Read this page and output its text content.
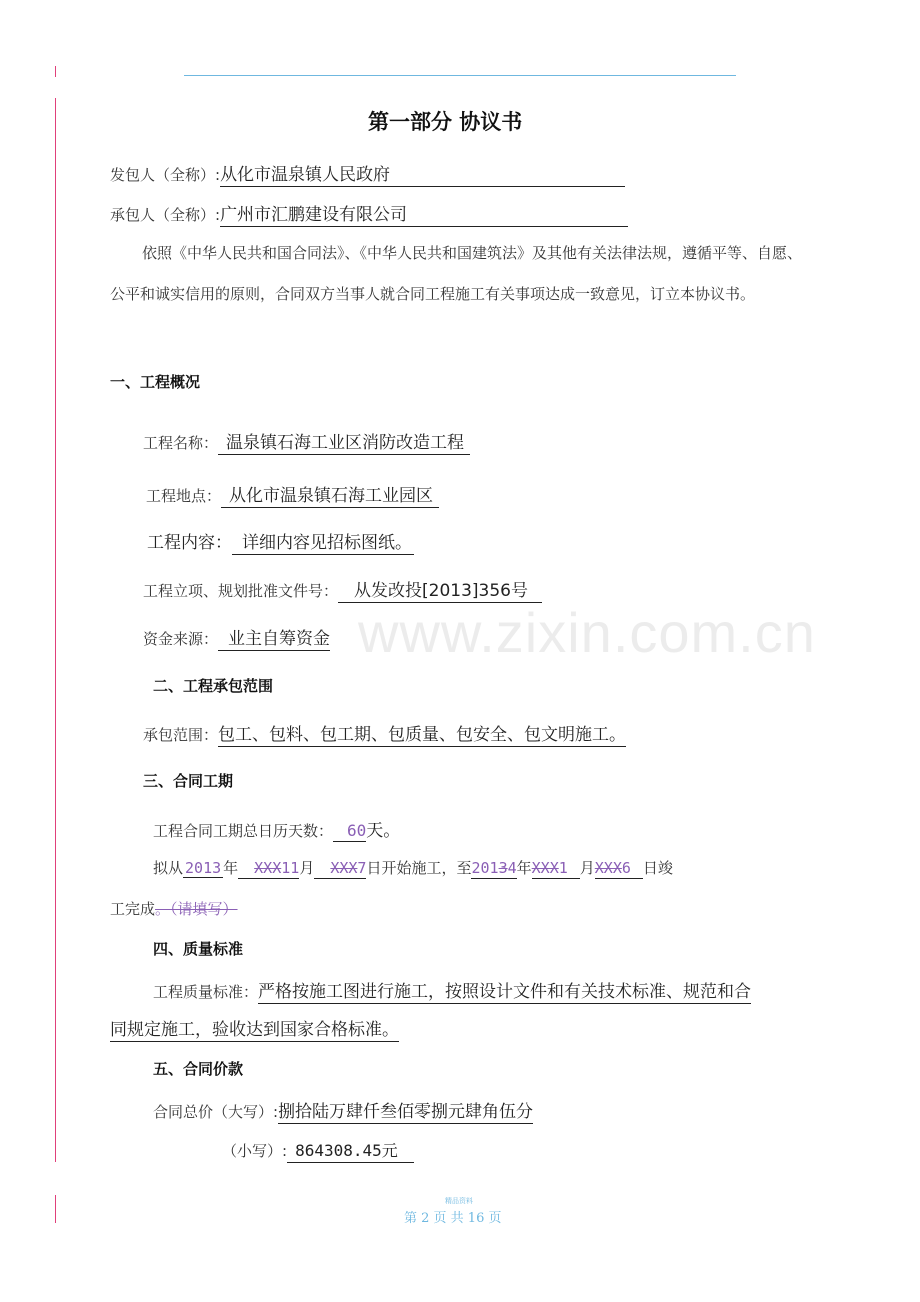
第一部分 协议书
发包人（全称）:从化市温泉镇人民政府
承包人（全称）:广州市汇鹏建设有限公司
依照《中华人民共和国合同法》、《中华人民共和国建筑法》及其他有关法律法规，遵循平等、自愿、公平和诚实信用的原则，合同双方当事人就合同工程施工有关事项达成一致意见，订立本协议书。
一、工程概况
工程名称： 温泉镇石海工业区消防改造工程
工程地点： 从化市温泉镇石海工业园区
工程内容： 详细内容见招标图纸。
工程立项、规划批准文件号： 从发改投[2013]356号
资金来源： 业主自筹资金 www.zixin.com.cn
二、工程承包范围
承包范围：包工、包料、包工期、包质量、包安全、包文明施工。
三、合同工期
工程合同工期总日历天数： 60天。
拟从 2013 年 XXX11月 XXX7日开始施工，至20134年XXX1 月XXX6 日竣
工完成。（请填写）
四、质量标准
工程质量标准：严格按施工图进行施工，按照设计文件和有关技术标准、规范和合
同规定施工，验收达到国家合格标准。
五、合同价款
合同总价（大写）:捌拾陆万肆仟叁佰零捌元肆角伍分
（小写）: 864308.45元
精品资料
第 2 页 共 16 页
